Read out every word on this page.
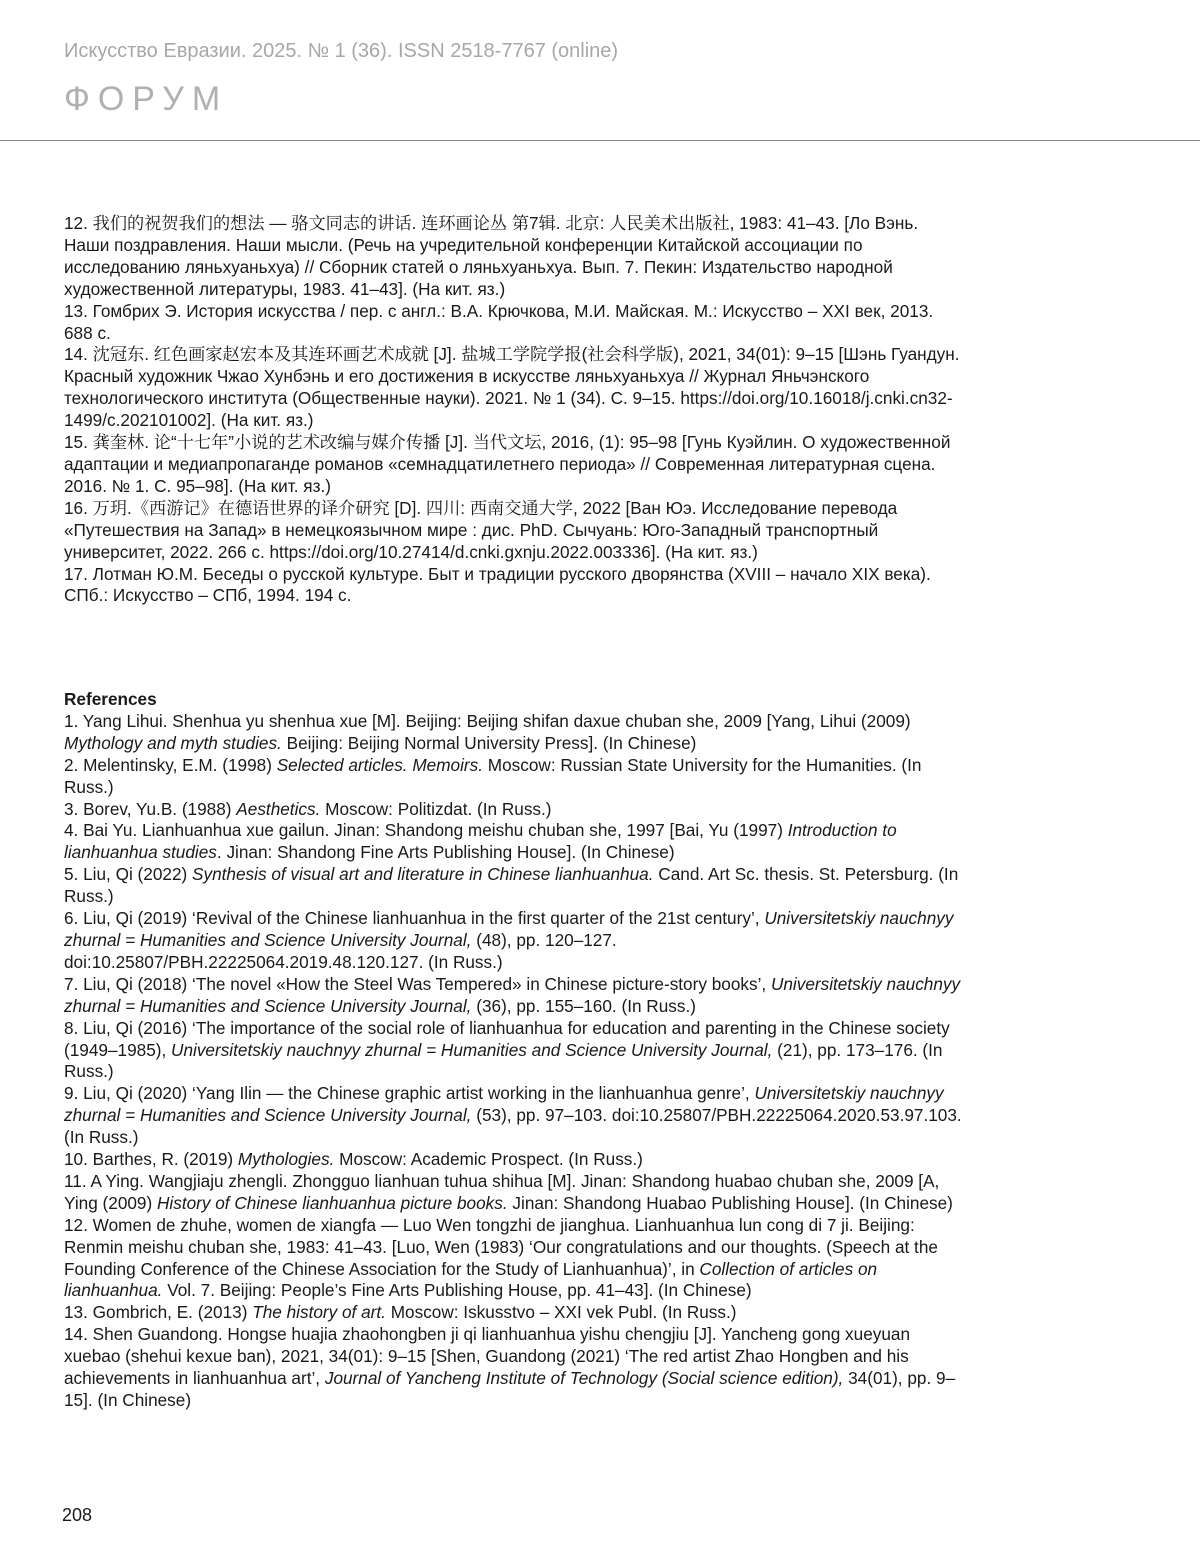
Искусство Евразии. 2025. № 1 (36). ISSN 2518-7767 (online)
ФОРУМ

12. 我们的祝贺我们的想法 — 骆文同志的讲话. 连环画论丛 第7辑. 北京: 人民美术出版社, 1983: 41–43. [Ло Вэнь. Наши поздравления. Наши мысли. (Речь на учредительной конференции Китайской ассоциации по исследованию ляньхуаньхуа) // Сборник статей о ляньхуаньхуа. Вып. 7. Пекин: Издательство народной художественной литературы, 1983. 41–43]. (На кит. яз.)

13. Гомбрих Э. История искусства / пер. с англ.: В.А. Крючкова, М.И. Майская. М.: Искусство – XXI век, 2013. 688 с.

14. 沈冠东. 红色画家赵宏本及其连环画艺术成就 [J]. 盐城工学院学报(社会科学版), 2021, 34(01): 9–15 [Шэнь Гуандун. Красный художник Чжао Хунбэнь и его достижения в искусстве ляньхуаньхуа // Журнал Яньчэнского технологического института (Общественные науки). 2021. № 1 (34). С. 9–15. https://doi.org/10.16018/j.cnki.cn32-1499/c.202101002]. (На кит. яз.)

15. 龚奎林. 论“十七年”小说的艺术改编与媒介传播 [J]. 当代文坛, 2016, (1): 95–98 [Гунь Куэйлин. О художественной адаптации и медиапропаганде романов «семнадцатилетнего периода» // Современная литературная сцена. 2016. № 1. С. 95–98]. (На кит. яз.)

16. 万玥.《西游记》在德语世界的译介研究 [D]. 四川: 西南交通大学, 2022 [Ван Юэ. Исследование перевода «Путешествия на Запад» в немецкоязычном мире : дис. PhD. Сычуань: Юго-Западный транспортный университет, 2022. 266 с. https://doi.org/10.27414/d.cnki.gxnju.2022.003336]. (На кит. яз.)

17. Лотман Ю.М. Беседы о русской культуре. Быт и традиции русского дворянства (XVIII – начало XIX века). СПб.: Искусство – СПб, 1994. 194 с.

References

1. Yang Lihui. Shenhua yu shenhua xue [M]. Beijing: Beijing shifan daxue chuban she, 2009 [Yang, Lihui (2009) Mythology and myth studies. Beijing: Beijing Normal University Press]. (In Chinese)

2. Melentinsky, E.M. (1998) Selected articles. Memoirs. Moscow: Russian State University for the Humanities. (In Russ.)

3. Borev, Yu.B. (1988) Aesthetics. Moscow: Politizdat. (In Russ.)

4. Bai Yu. Lianhuanhua xue gailun. Jinan: Shandong meishu chuban she, 1997 [Bai, Yu (1997) Introduction to lianhuanhua studies. Jinan: Shandong Fine Arts Publishing House]. (In Chinese)

5. Liu, Qi (2022) Synthesis of visual art and literature in Chinese lianhuanhua. Cand. Art Sc. thesis. St. Petersburg. (In Russ.)

6. Liu, Qi (2019) ‘Revival of the Chinese lianhuanhua in the first quarter of the 21st century’, Universitetskiy nauchnyy zhurnal = Humanities and Science University Journal, (48), pp. 120–127. doi:10.25807/PBH.22225064.2019.48.120.127. (In Russ.)

7. Liu, Qi (2018) ‘The novel «How the Steel Was Tempered» in Chinese picture-story books’, Universitetskiy nauchnyy zhurnal = Humanities and Science University Journal, (36), pp. 155–160. (In Russ.)

8. Liu, Qi (2016) ‘The importance of the social role of lianhuanhua for education and parenting in the Chinese society (1949–1985), Universitetskiy nauchnyy zhurnal = Humanities and Science University Journal, (21), pp. 173–176. (In Russ.)

9. Liu, Qi (2020) ‘Yang Ilin — the Chinese graphic artist working in the lianhuanhua genre’, Universitetskiy nauchnyy zhurnal = Humanities and Science University Journal, (53), pp. 97–103. doi:10.25807/PBH.22225064.2020.53.97.103. (In Russ.)

10. Barthes, R. (2019) Mythologies. Moscow: Academic Prospect. (In Russ.)

11. A Ying. Wangjiaju zhengli. Zhongguo lianhuan tuhua shihua [M]. Jinan: Shandong huabao chuban she, 2009 [A, Ying (2009) History of Chinese lianhuanhua picture books. Jinan: Shandong Huabao Publishing House]. (In Chinese)

12. Women de zhuhe, women de xiangfa — Luo Wen tongzhi de jianghua. Lianhuanhua lun cong di 7 ji. Beijing: Renmin meishu chuban she, 1983: 41–43. [Luo, Wen (1983) ‘Our congratulations and our thoughts. (Speech at the Founding Conference of the Chinese Association for the Study of Lianhuanhua)’, in Collection of articles on lianhuanhua. Vol. 7. Beijing: People’s Fine Arts Publishing House, pp. 41–43]. (In Chinese)

13. Gombrich, E. (2013) The history of art. Moscow: Iskusstvo – XXI vek Publ. (In Russ.)

14. Shen Guandong. Hongse huajia zhaohongben ji qi lianhuanhua yishu chengjiu [J]. Yancheng gong xueyuan xuebao (shehui kexue ban), 2021, 34(01): 9–15 [Shen, Guandong (2021) ‘The red artist Zhao Hongben and his achievements in lianhuanhua art’, Journal of Yancheng Institute of Technology (Social science edition), 34(01), pp. 9–15]. (In Chinese)

208
